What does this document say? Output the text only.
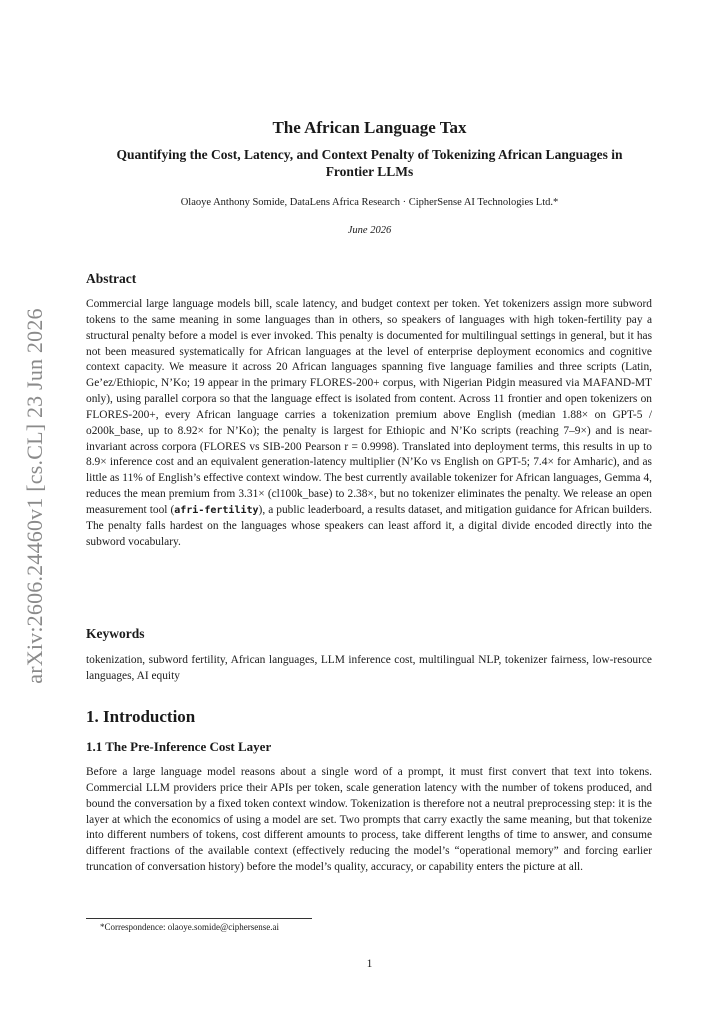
arXiv:2606.24460v1 [cs.CL] 23 Jun 2026
The African Language Tax
Quantifying the Cost, Latency, and Context Penalty of Tokenizing African Languages in Frontier LLMs
Olaoye Anthony Somide, DataLens Africa Research · CipherSense AI Technologies Ltd.*
June 2026
Abstract

Commercial large language models bill, scale latency, and budget context per token. Yet tokenizers assign more subword tokens to the same meaning in some languages than in others, so speakers of languages with high token-fertility pay a structural penalty before a model is ever invoked. This penalty is documented for multilingual settings in general, but it has not been measured systematically for African languages at the level of enterprise deployment economics and cognitive context capacity. We measure it across 20 African languages spanning five language families and three scripts (Latin, Ge’ez/Ethiopic, N’Ko; 19 appear in the primary FLORES-200+ corpus, with Nigerian Pidgin measured via MAFAND-MT only), using parallel corpora so that the language effect is isolated from content. Across 11 frontier and open tokenizers on FLORES-200+, every African language carries a tokenization premium above English (median 1.88× on GPT-5 / o200k_base, up to 8.92× for N’Ko); the penalty is largest for Ethiopic and N’Ko scripts (reaching 7–9×) and is near-invariant across corpora (FLORES vs SIB-200 Pearson r = 0.9998). Translated into deployment terms, this results in up to 8.9× inference cost and an equivalent generation-latency multiplier (N’Ko vs English on GPT-5; 7.4× for Amharic), and as little as 11% of English’s effective context window. The best currently available tokenizer for African languages, Gemma 4, reduces the mean premium from 3.31× (cl100k_base) to 2.38×, but no tokenizer eliminates the penalty. We release an open measurement tool (afri-fertility), a public leaderboard, a results dataset, and mitigation guidance for African builders. The penalty falls hardest on the languages whose speakers can least afford it, a digital divide encoded directly into the subword vocabulary.

Keywords

tokenization, subword fertility, African languages, LLM inference cost, multilingual NLP, tokenizer fairness, low-resource languages, AI equity

1. Introduction
1.1 The Pre-Inference Cost Layer

Before a large language model reasons about a single word of a prompt, it must first convert that text into tokens. Commercial LLM providers price their APIs per token, scale generation latency with the number of tokens produced, and bound the conversation by a fixed token context window. Tokenization is therefore not a neutral preprocessing step: it is the layer at which the economics of using a model are set. Two prompts that carry exactly the same meaning, but that tokenize into different numbers of tokens, cost different amounts to process, take different lengths of time to answer, and consume different fractions of the available context (effectively reducing the model’s “operational memory” and forcing earlier truncation of conversation history) before the model’s quality, accuracy, or capability enters the picture at all.

*Correspondence: olaoye.somide@ciphersense.ai
1
